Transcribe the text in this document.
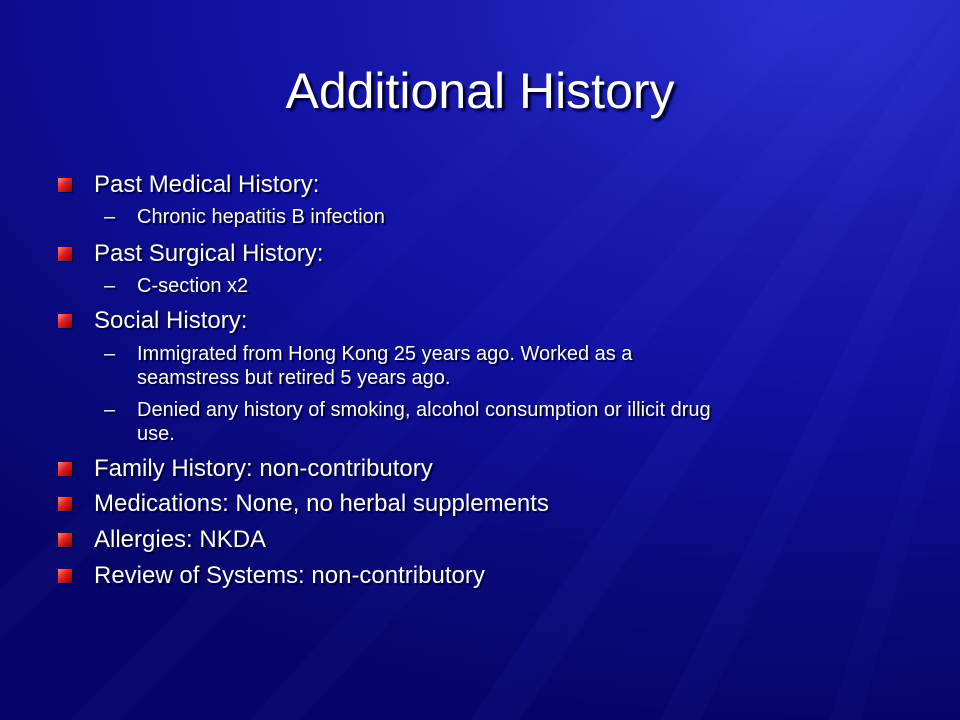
Additional History
Past Medical History:
– Chronic hepatitis B infection
Past Surgical History:
– C-section x2
Social History:
– Immigrated from Hong Kong 25 years ago. Worked as a
seamstress but retired 5 years ago.
– Denied any history of smoking, alcohol consumption or illicit drug
use.
Family History: non-contributory
Medications: None, no herbal supplements
Allergies: NKDA
Review of Systems: non-contributory
